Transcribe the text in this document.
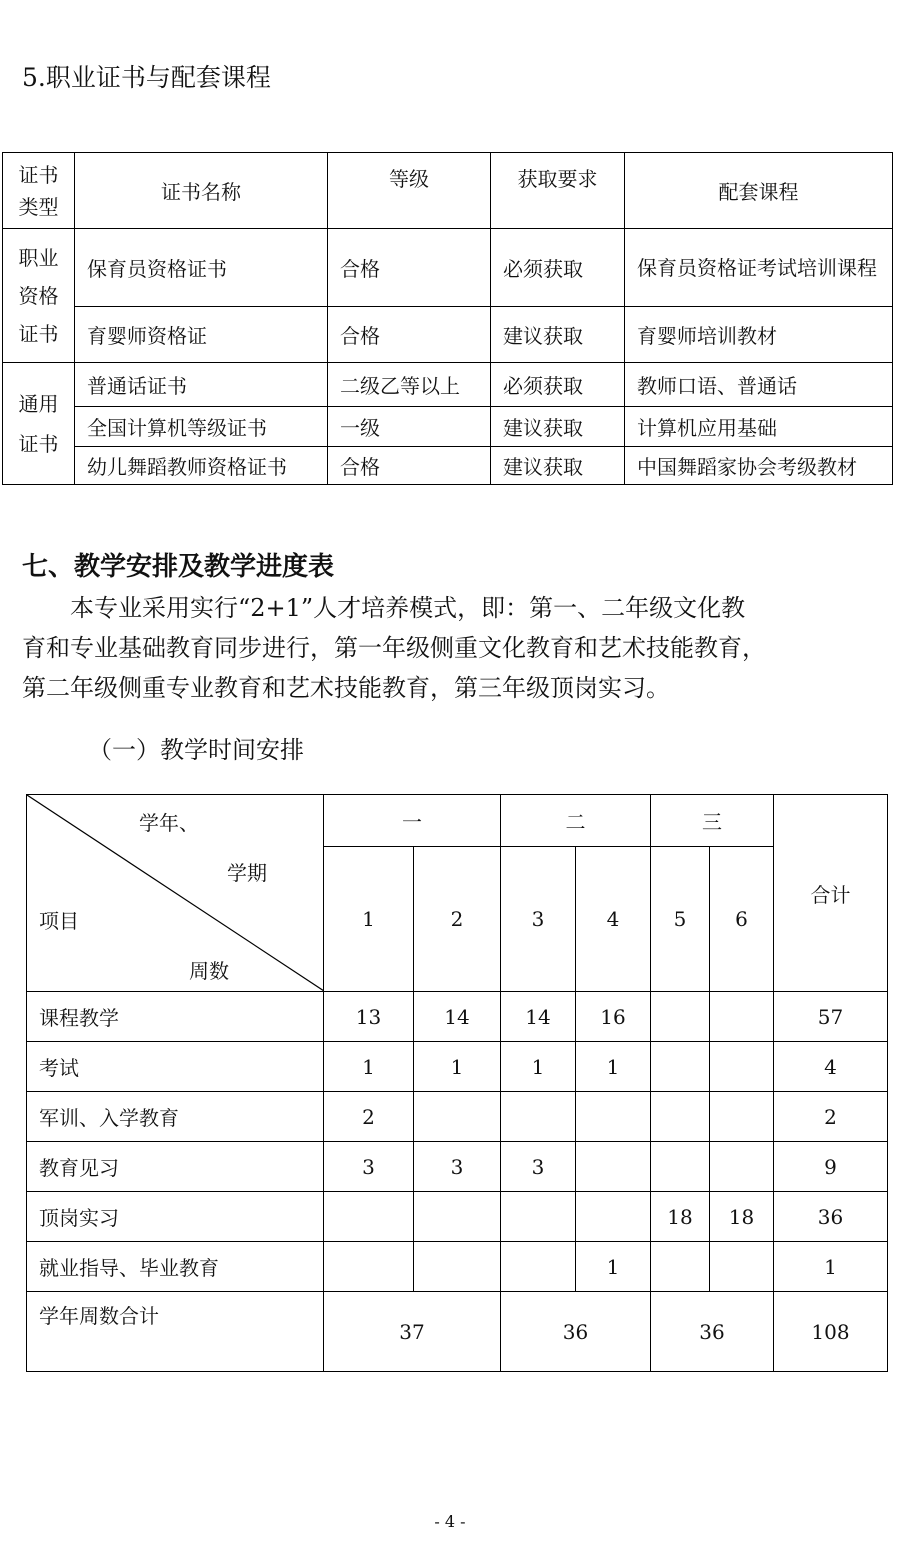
5.职业证书与配套课程
证书
类型	证书名称	等级	获取要求	配套课程
职业
资格
证书	保育员资格证书	合格	必须获取	保育员资格证考试培训课程
	育婴师资格证	合格	建议获取	育婴师培训教材
通用
证书	普通话证书	二级乙等以上	必须获取	教师口语、普通话
	全国计算机等级证书	一级	建议获取	计算机应用基础
	幼儿舞蹈教师资格证书	合格	建议获取	中国舞蹈家协会考级教材
七、教学安排及教学进度表
　　本专业采用实行“2+1”人才培养模式，即：第一、二年级文化教
育和专业基础教育同步进行，第一年级侧重文化教育和艺术技能教育，
第二年级侧重专业教育和艺术技能教育，第三年级顶岗实习。
（一）教学时间安排
学年、
学期
项目
周数	一		二		三		合计
	1	2	3	4	5	6	
课程教学	13	14	14	16			57
考试	1	1	1	1			4
军训、入学教育	2						2
教育见习	3	3	3				9
顶岗实习					18	18	36
就业指导、毕业教育				1			1
学年周数合计	37		36		36		108
- 4 -
